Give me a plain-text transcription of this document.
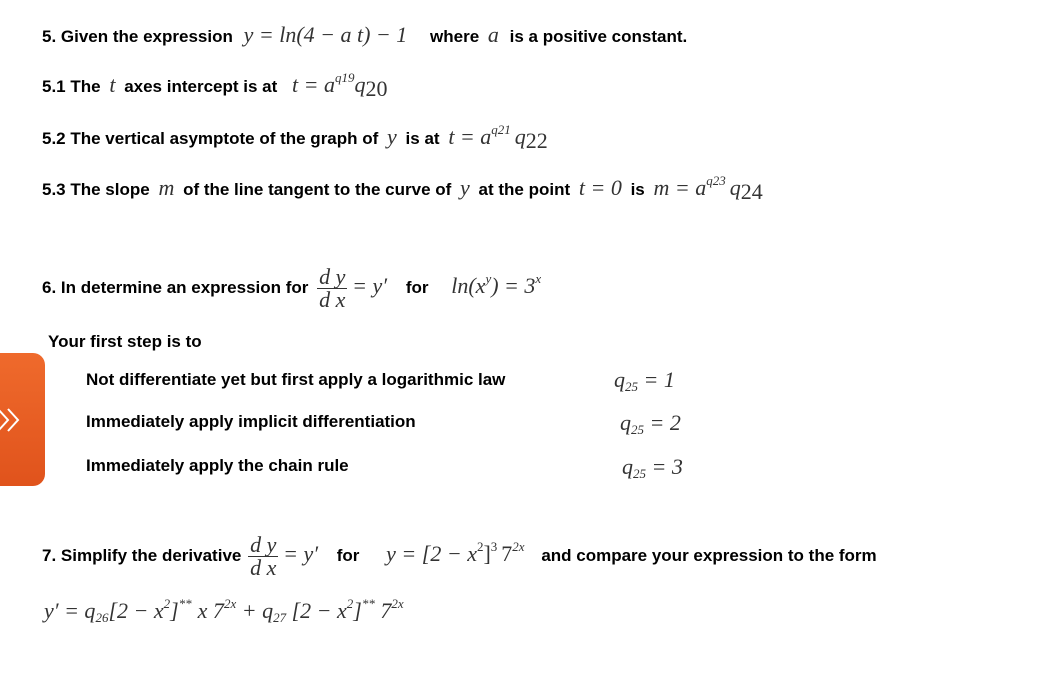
5. Given the expression y = ln(4 − a t) − 1 where a is a positive constant.
5.1 The t axes intercept is at $t = a^{q19}q_{20}$
5.2 The vertical asymptote of the graph of y is at $t = a^{q21}$ $q_{22}$
5.3 The slope m of the line tangent to the curve of y at the point t = 0 is $m = a^{q23}$ $q_{24}$
6. In determine an expression for $\frac{\text{d y}}{\text{d x}} = y'$ for $\ln(x^y) = 3^x$
Your first step is to
Not differentiate yet but first apply a logarithmic law	$q_{25} = 1$
Immediately apply implicit differentiation	$q_{25} = 2$
Immediately apply the chain rule	$q_{25} = 3$
7. Simplify the derivative $\frac{\text{d y}}{\text{d x}} = y'$ for $y = [2 - x^2]^3$ $7^{2x}$ and compare your expression to the form
$y' = q_{26}[2 - x^2]^{**}$ x $7^{2x} + q_{27}$ $[2 - x^2]^{**}$ $7^{2x}$
